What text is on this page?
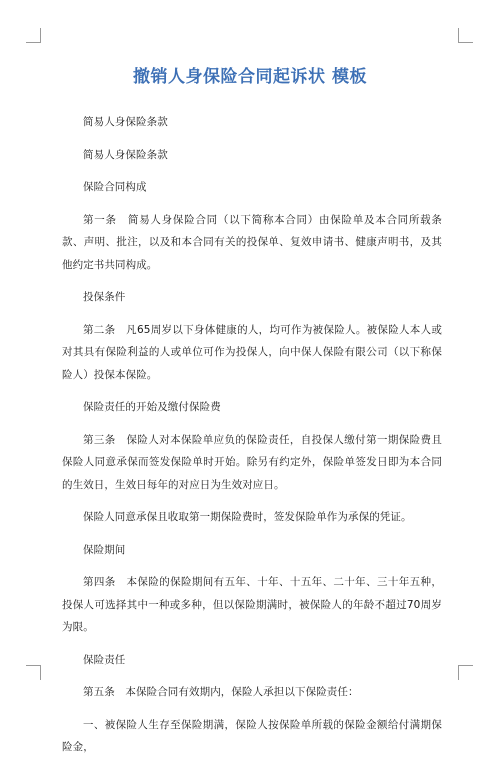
撤销人身保险合同起诉状 模板

简易人身保险条款

简易人身保险条款

保险合同构成

第一条　简易人身保险合同（以下简称本合同）由保险单及本合同所载条款、声明、批注，以及和本合同有关的投保单、复效申请书、健康声明书，及其他约定书共同构成。

投保条件

第二条　凡65周岁以下身体健康的人，均可作为被保险人。被保险人本人或对其具有保险利益的人或单位可作为投保人，向中保人保险有限公司（以下称保险人）投保本保险。

保险责任的开始及缴付保险费

第三条　保险人对本保险单应负的保险责任，自投保人缴付第一期保险费且保险人同意承保而签发保险单时开始。除另有约定外，保险单签发日即为本合同的生效日，生效日每年的对应日为生效对应日。

保险人同意承保且收取第一期保险费时，签发保险单作为承保的凭证。

保险期间

第四条　本保险的保险期间有五年、十年、十五年、二十年、三十年五种，投保人可选择其中一种或多种，但以保险期满时，被保险人的年龄不超过70周岁为限。

保险责任

第五条　本保险合同有效期内，保险人承担以下保险责任：

一、被保险人生存至保险期满，保险人按保险单所载的保险金额给付满期保险金，
